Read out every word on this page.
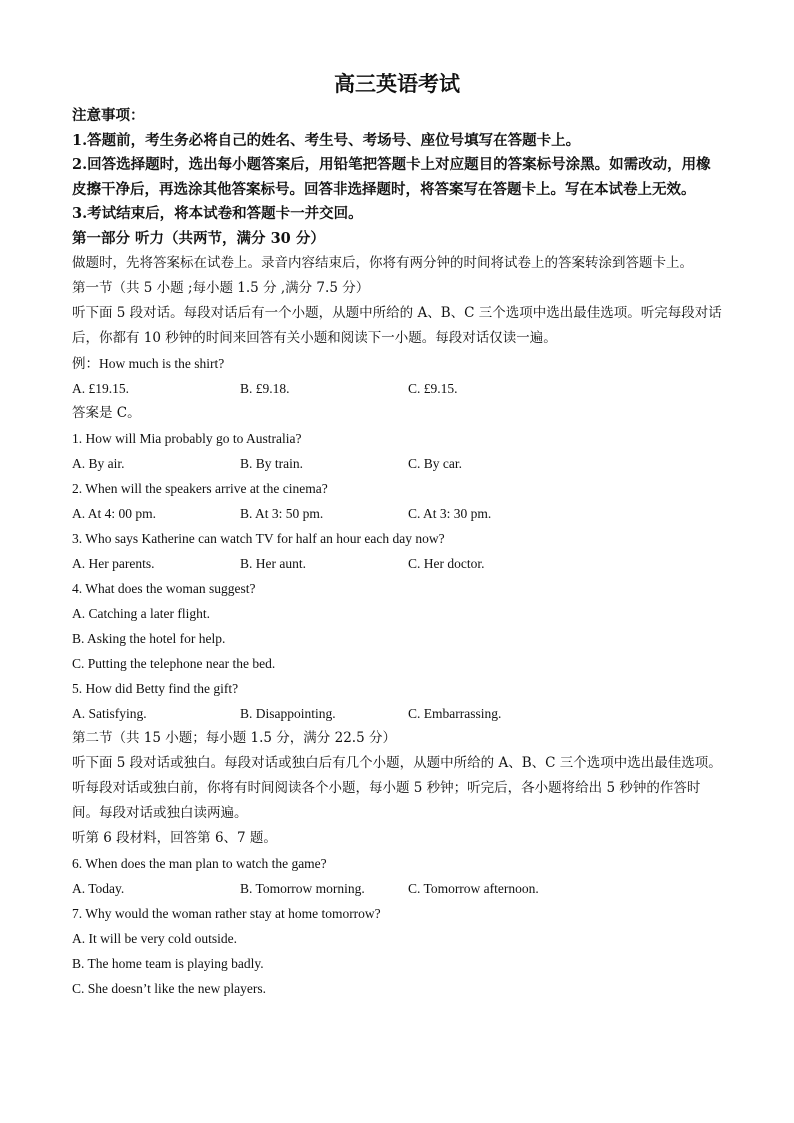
高三英语考试
注意事项：
1.答题前，考生务必将自己的姓名、考生号、考场号、座位号填写在答题卡上。
2.回答选择题时，选出每小题答案后，用铅笔把答题卡上对应题目的答案标号涂黑。如需改动，用橡皮擦干净后，再选涂其他答案标号。回答非选择题时，将答案写在答题卡上。写在本试卷上无效。
3.考试结束后，将本试卷和答题卡一并交回。
第一部分 听力（共两节，满分 30 分）
做题时，先将答案标在试卷上。录音内容结束后，你将有两分钟的时间将试卷上的答案转涂到答题卡上。
第一节（共 5 小题 ;每小题 1.5 分 ,满分 7.5 分）
听下面 5 段对话。每段对话后有一个小题，从题中所给的 A、B、C 三个选项中选出最佳选项。听完每段对话后，你都有 10 秒钟的时间来回答有关小题和阅读下一小题。每段对话仅读一遍。
例：How much is the shirt?
A. £19.15.	B. £9.18.	C. £9.15.
答案是 C。
1. How will Mia probably go to Australia?
A. By air.	B. By train.	C. By car.
2. When will the speakers arrive at the cinema?
A. At 4: 00 pm.	B. At 3: 50 pm.	C. At 3: 30 pm.
3. Who says Katherine can watch TV for half an hour each day now?
A. Her parents.	B. Her aunt.	C. Her doctor.
4. What does the woman suggest?
A. Catching a later flight.
B. Asking the hotel for help.
C. Putting the telephone near the bed.
5. How did Betty find the gift?
A. Satisfying.	B. Disappointing.	C. Embarrassing.
第二节（共 15 小题；每小题 1.5 分，满分 22.5 分）
听下面 5 段对话或独白。每段对话或独白后有几个小题，从题中所给的 A、B、C 三个选项中选出最佳选项。听每段对话或独白前，你将有时间阅读各个小题，每小题 5 秒钟；听完后，各小题将给出 5 秒钟的作答时间。每段对话或独白读两遍。
听第 6 段材料，回答第 6、7 题。
6. When does the man plan to watch the game?
A. Today.	B. Tomorrow morning.	C. Tomorrow afternoon.
7. Why would the woman rather stay at home tomorrow?
A. It will be very cold outside.
B. The home team is playing badly.
C. She doesn’t like the new players.
